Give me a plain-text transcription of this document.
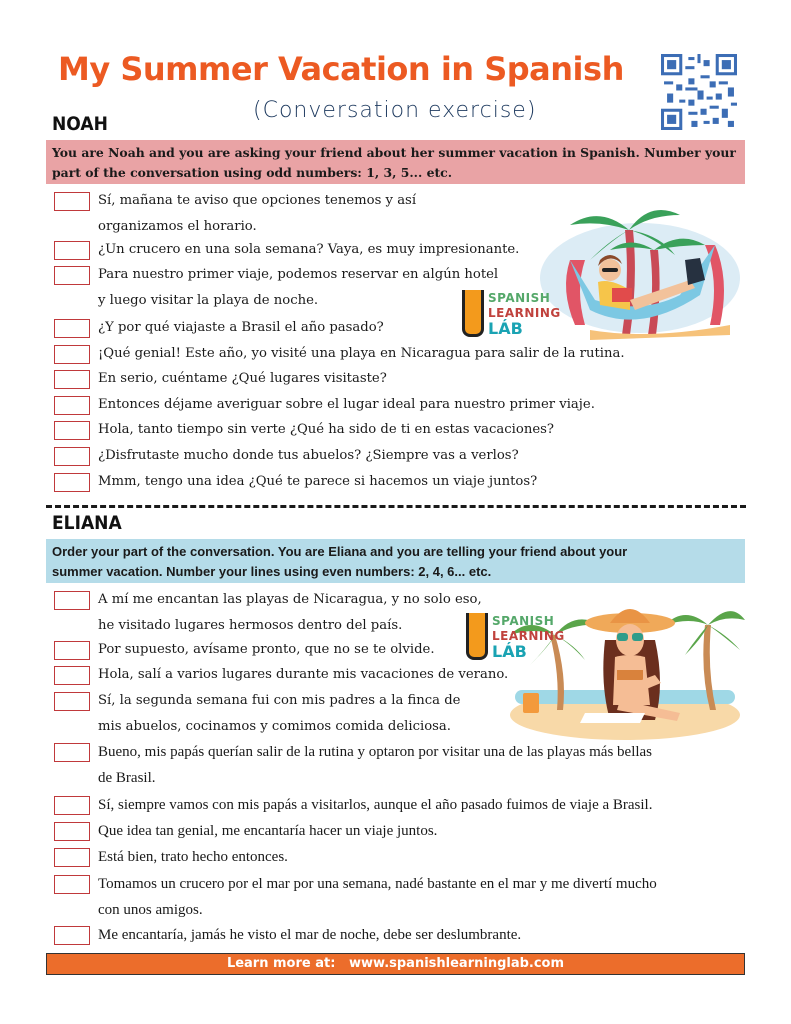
My Summer Vacation in Spanish
(Conversation exercise)
NOAH
You are Noah and you are asking your friend about her summer vacation in Spanish. Number your
part of the conversation using odd numbers: 1, 3, 5... etc.
Sí, mañana te aviso que opciones tenemos y así
organizamos el horario.
¿Un crucero en una sola semana? Vaya, es muy impresionante.
Para nuestro primer viaje, podemos reservar en algún hotel
y luego visitar la playa de noche.
¿Y por qué viajaste a Brasil el año pasado?
¡Qué genial! Este año, yo visité una playa en Nicaragua para salir de la rutina.
En serio, cuéntame ¿Qué lugares visitaste?
Entonces déjame averiguar sobre el lugar ideal para nuestro primer viaje.
Hola, tanto tiempo sin verte ¿Qué ha sido de ti en estas vacaciones?
¿Disfrutaste mucho donde tus abuelos? ¿Siempre vas a verlos?
Mmm, tengo una idea ¿Qué te parece si hacemos un viaje juntos?
SPANISH
LEARNING
LÁB
ELIANA
Order your part of the conversation. You are Eliana and you are telling your friend about your
summer vacation. Number your lines using even numbers: 2, 4, 6... etc.
A mí me encantan las playas de Nicaragua, y no solo eso,
he visitado lugares hermosos dentro del país.
Por supuesto, avísame pronto, que no se te olvide.
Hola, salí a varios lugares durante mis vacaciones de verano.
Sí, la segunda semana fui con mis padres a la finca de
mis abuelos, cocinamos y comimos comida deliciosa.
Bueno, mis papás querían salir de la rutina y optaron por visitar una de las playas más bellas
de Brasil.
Sí, siempre vamos con mis papás a visitarlos, aunque el año pasado fuimos de viaje a Brasil.
Que idea tan genial, me encantaría hacer un viaje juntos.
Está bien, trato hecho entonces.
Tomamos un crucero por el mar por una semana, nadé bastante en el mar y me divertí mucho
con unos amigos.
Me encantaría, jamás he visto el mar de noche, debe ser deslumbrante.
SPANISH
LEARNING
LÁB
Learn more at:   www.spanishlearninglab.com
